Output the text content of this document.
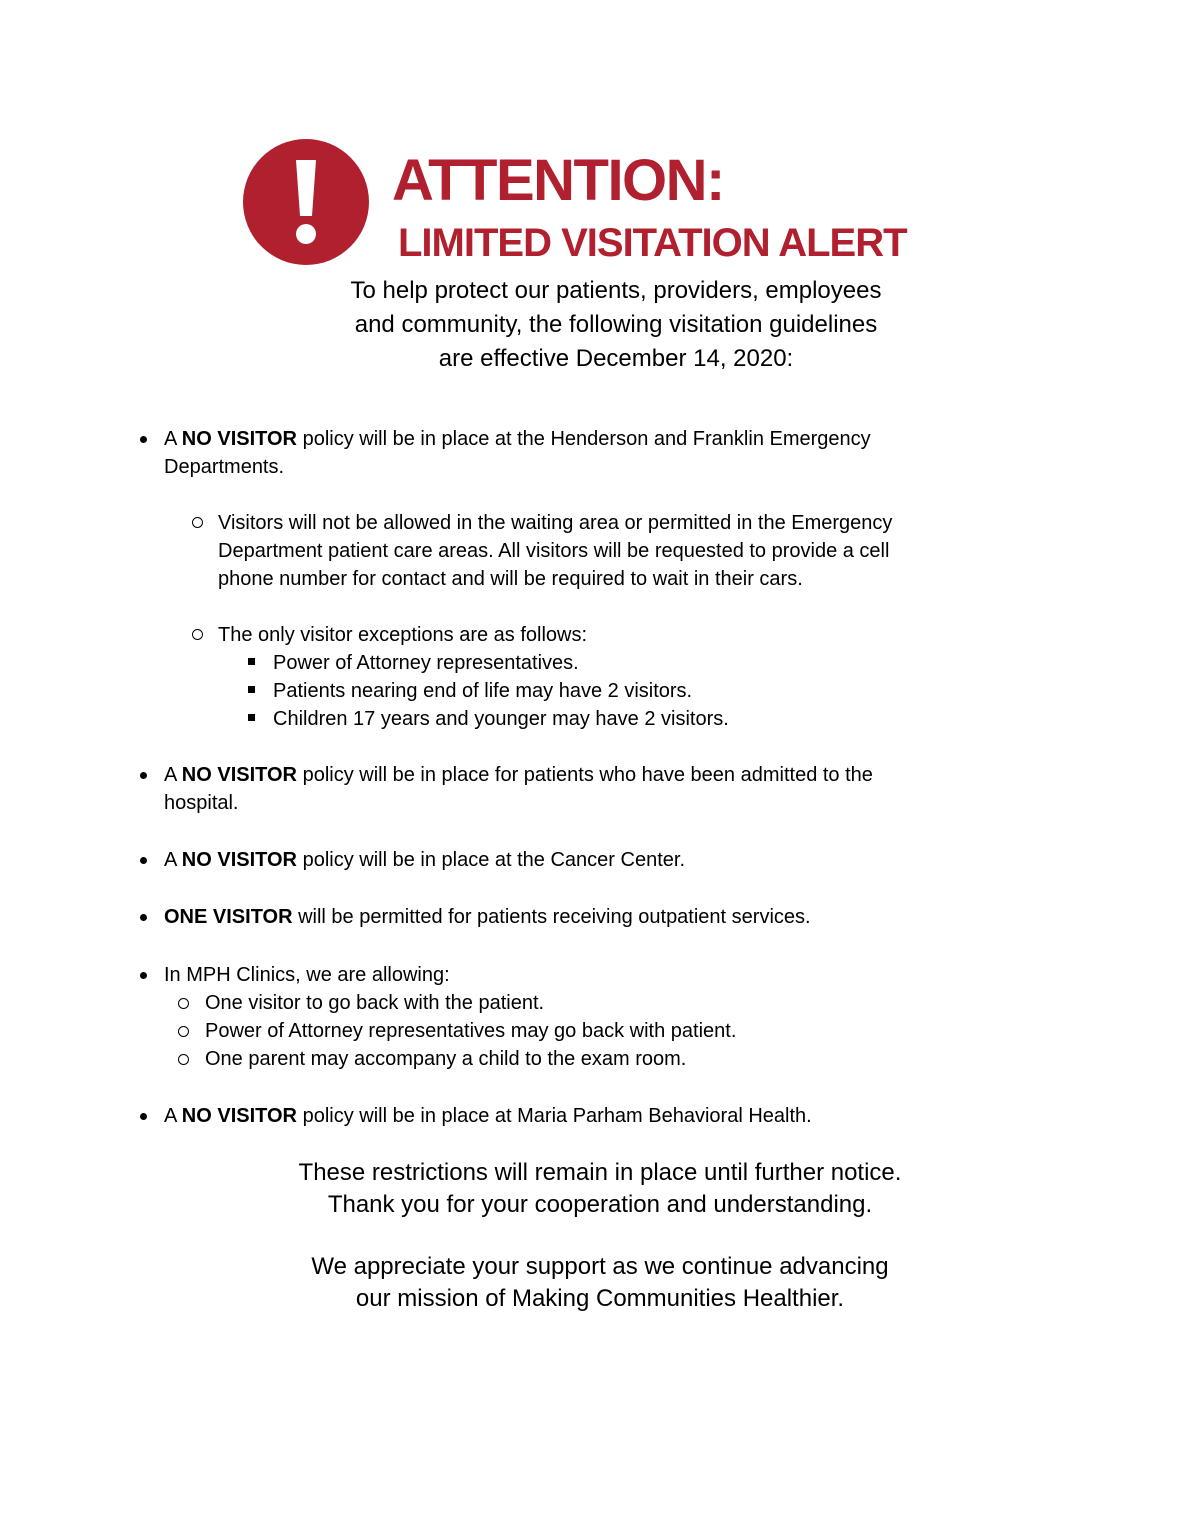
ATTENTION:
LIMITED VISITATION ALERT
To help protect our patients, providers, employees
and community, the following visitation guidelines
are effective December 14, 2020:

A NO VISITOR policy will be in place at the Henderson and Franklin Emergency

Departments.

Visitors will not be allowed in the waiting area or permitted in the Emergency

Department patient care areas. All visitors will be requested to provide a cell

phone number for contact and will be required to wait in their cars.

The only visitor exceptions are as follows:

Power of Attorney representatives.

Patients nearing end of life may have 2 visitors.

Children 17 years and younger may have 2 visitors.

A NO VISITOR policy will be in place for patients who have been admitted to the

hospital.

A NO VISITOR policy will be in place at the Cancer Center.

ONE VISITOR will be permitted for patients receiving outpatient services.

In MPH Clinics, we are allowing:

One visitor to go back with the patient.

Power of Attorney representatives may go back with patient.

One parent may accompany a child to the exam room.

A NO VISITOR policy will be in place at Maria Parham Behavioral Health.

These restrictions will remain in place until further notice.

Thank you for your cooperation and understanding.

We appreciate your support as we continue advancing

our mission of Making Communities Healthier.
